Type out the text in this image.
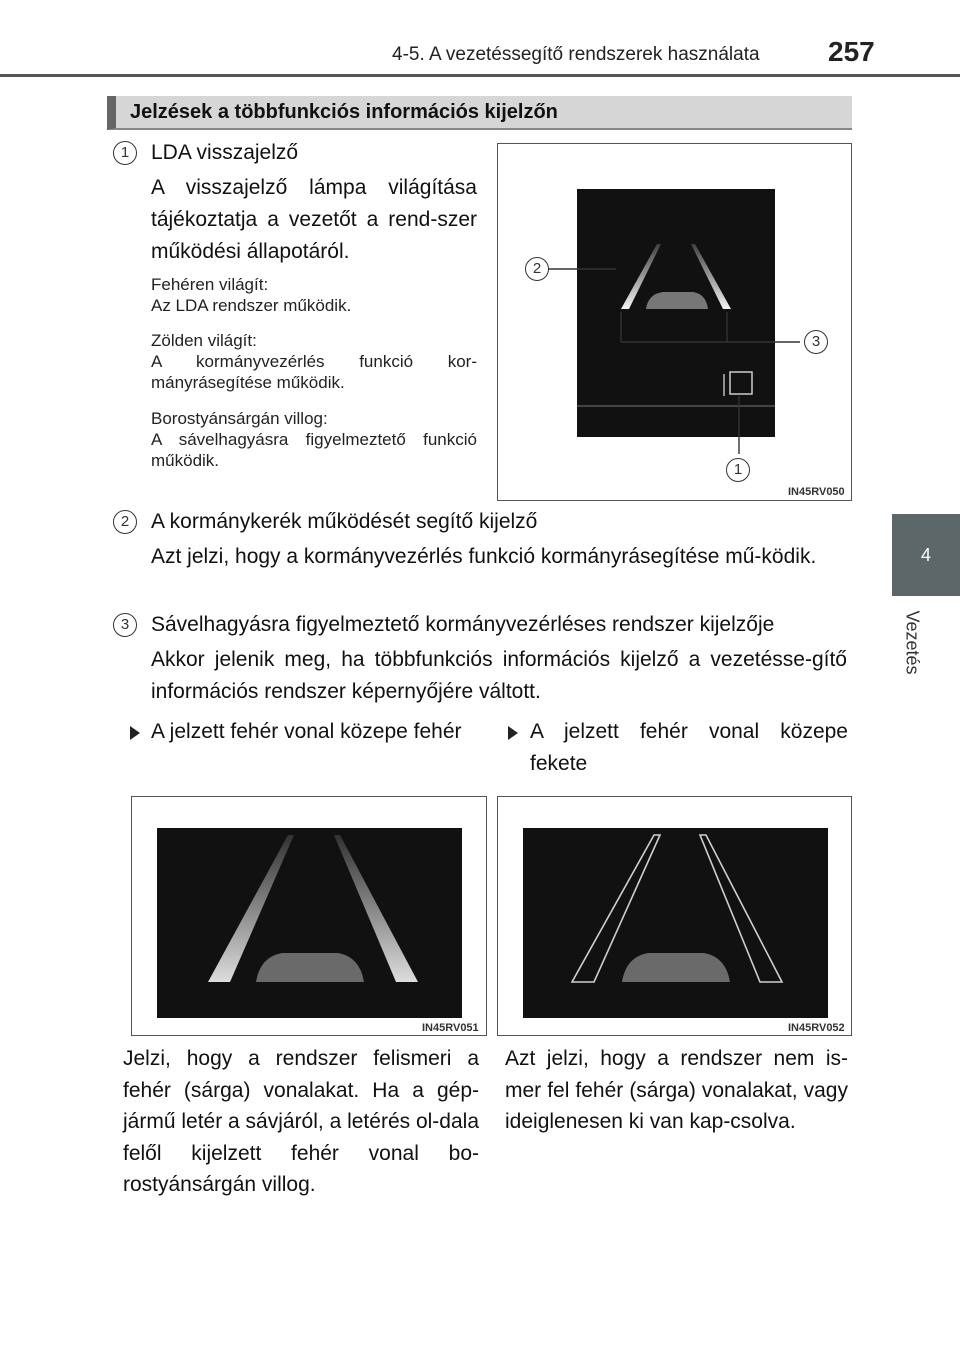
4-5. A vezetéssegítő rendszerek használata 257
4
Vezetés
Jelzések a többfunkciós információs kijelzőn
1	LDA visszajelző
A visszajelző lámpa világítása tájékoztatja a vezetőt a rend-szer működési állapotáról.
Fehéren világít:
Az LDA rendszer működik.
Zölden világít:
A kormányvezérlés funkció kor-mányrásegítése működik.
Borostyánsárgán villog:
A sávelhagyásra figyelmeztető funkció működik.
2
3
1
IN45RV050
2	A kormánykerék működését segítő kijelző
Azt jelzi, hogy a kormányvezérlés funkció kormányrásegítése mű-ködik.
3	Sávelhagyásra figyelmeztető kormányvezérléses rendszer kijelzője
Akkor jelenik meg, ha többfunkciós információs kijelző a vezetésse-gítő információs rendszer képernyőjére váltott.
A jelzett fehér vonal közepe fehér	A jelzett fehér vonal közepe fekete
IN45RV051	IN45RV052
Jelzi, hogy a rendszer felismeri a fehér (sárga) vonalakat. Ha a gép-jármű letér a sávjáról, a letérés ol-dala felől kijelzett fehér vonal bo-rostyánsárgán villog.
Azt jelzi, hogy a rendszer nem is-mer fel fehér (sárga) vonalakat, vagy ideiglenesen ki van kap-csolva.
